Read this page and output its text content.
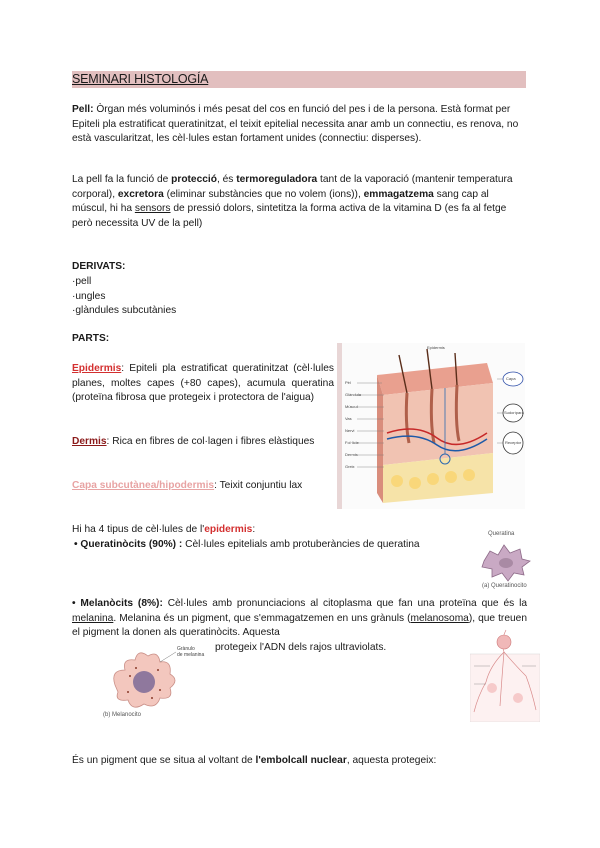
SEMINARI HISTOLOGÍA

Pell: Òrgan més voluminós i més pesat del cos en funció del pes i de la persona. Està format per Epiteli pla estratificat queratinitzat, el teixit epitelial necessita anar amb un connectiu, es renova, no està vascularitzat, les cèl·lules estan fortament unides (connectiu: disperses).

La pell fa la funció de protecció, és termoreguladora tant de la vaporació (mantenir temperatura corporal), excretora (eliminar substàncies que no volem (ions)), emmagatzema sang cap al múscul, hi ha sensors de pressió dolors, sintetitza la forma activa de la vitamina D (es fa al fetge però necessita UV de la pell)

DERIVATS:
·pell
·ungles
·glàndules subcutànies
PARTS:

Epidermis: Epiteli pla estratificat queratinitzat (cèl·lules planes, moltes capes (+80 capes), acumula queratina (proteïna fibrosa que protegeix i protectora de l'aigua)

Dermis: Rica en fibres de col·lagen i fibres elàstiques

Capa subcutànea/hipodermis: Teixit conjuntiu lax

Pèl
Glàndula
Múscul
Vas
Nervi
Fol·licle
Dermis
Greix
Epidermis
Capa
Sudorípara
Receptor
Hi ha 4 tipus de cèl·lules de l'epidermis:
• Queratinòcits (90%) : Cèl·lules epitelials amb protuberàncies de queratina
Queratina
(a) Queratinocito

• Melanòcits (8%): Cèl·lules amb pronunciacions al citoplasma que fan una proteïna que és la melanina. Melanina és un pigment, que s'emmagatzemen en uns grànuls (melanosoma), que treuen el pigment la donen als queratinòcits. Aquesta

protegeix l'ADN dels rajos ultraviolats.
Grànulo
de melanina
(b) Melanocito
És un pigment que se situa al voltant de l'embolcall nuclear, aquesta protegeix:
